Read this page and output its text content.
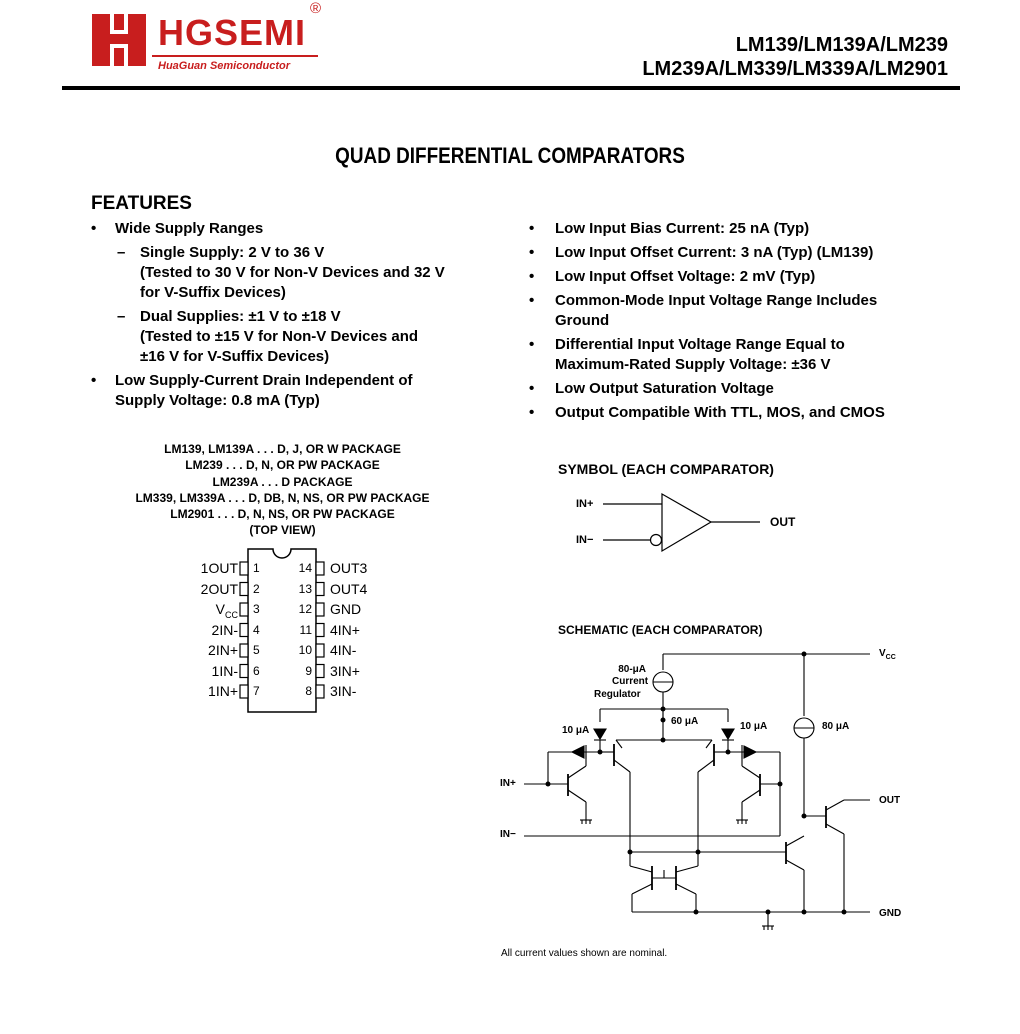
HGSEMI
®
HuaGuan Semiconductor
LM139/LM139A/LM239
LM239A/LM339/LM339A/LM2901
QUAD DIFFERENTIAL COMPARATORS
FEATURES
• Wide Supply Ranges
– Single Supply: 2 V to 36 V
(Tested to 30 V for Non-V Devices and 32 V
for V-Suffix Devices)
– Dual Supplies: ±1 V to ±18 V
(Tested to ±15 V for Non-V Devices and
±16 V for V-Suffix Devices)
• Low Supply-Current Drain Independent of
Supply Voltage: 0.8 mA (Typ)
• Low Input Bias Current: 25 nA (Typ)
• Low Input Offset Current: 3 nA (Typ) (LM139)
• Low Input Offset Voltage: 2 mV (Typ)
• Common-Mode Input Voltage Range Includes
Ground
• Differential Input Voltage Range Equal to
Maximum-Rated Supply Voltage: ±36 V
• Low Output Saturation Voltage
• Output Compatible With TTL, MOS, and CMOS
LM139, LM139A . . . D, J, OR W PACKAGE
LM239 . . . D, N, OR PW PACKAGE
LM239A . . . D PACKAGE
LM339, LM339A . . . D, DB, N, NS, OR PW PACKAGE
LM2901 . . . D, N, NS, OR PW PACKAGE
(TOP VIEW)
1OUT 1
2OUT 2
$V_{CC}$ 3
2IN- 4
2IN+ 5
1IN- 6
1IN+ 7
OUT3
14
OUT4
13
GND
12
4IN+
11
4IN-
10
3IN+
9
3IN-
8
SYMBOL (EACH COMPARATOR)
IN+
IN−
OUT
SCHEMATIC (EACH COMPARATOR)
$V_{CC}$
80-μA
Current
Regulator
60 μA
10 μA	10 μA	80 μA
IN+
IN−
OUT
GND
All current values shown are nominal.
